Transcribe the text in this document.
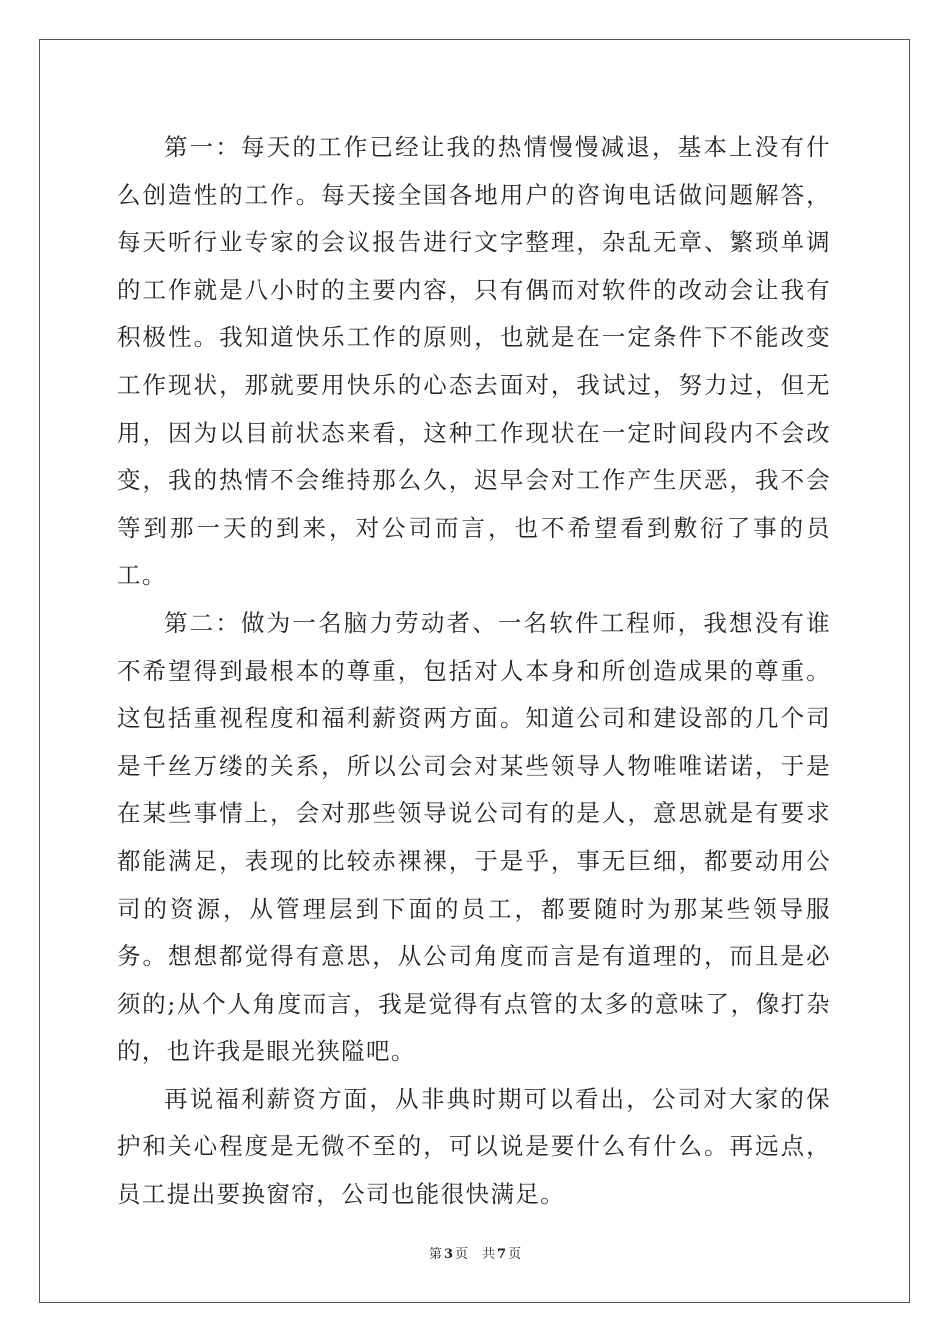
第一：每天的工作已经让我的热情慢慢减退，基本上没有什么创造性的工作。每天接全国各地用户的咨询电话做问题解答，每天听行业专家的会议报告进行文字整理，杂乱无章、繁琐单调的工作就是八小时的主要内容，只有偶而对软件的改动会让我有积极性。我知道快乐工作的原则，也就是在一定条件下不能改变工作现状，那就要用快乐的心态去面对，我试过，努力过，但无用，因为以目前状态来看，这种工作现状在一定时间段内不会改变，我的热情不会维持那么久，迟早会对工作产生厌恶，我不会等到那一天的到来，对公司而言，也不希望看到敷衍了事的员工。

第二：做为一名脑力劳动者、一名软件工程师，我想没有谁不希望得到最根本的尊重，包括对人本身和所创造成果的尊重。这包括重视程度和福利薪资两方面。知道公司和建设部的几个司是千丝万缕的关系，所以公司会对某些领导人物唯唯诺诺，于是在某些事情上，会对那些领导说公司有的是人，意思就是有要求都能满足，表现的比较赤裸裸，于是乎，事无巨细，都要动用公司的资源，从管理层到下面的员工，都要随时为那某些领导服务。想想都觉得有意思，从公司角度而言是有道理的，而且是必须的;从个人角度而言，我是觉得有点管的太多的意味了，像打杂的，也许我是眼光狭隘吧。

再说福利薪资方面，从非典时期可以看出，公司对大家的保护和关心程度是无微不至的，可以说是要什么有什么。再远点，员工提出要换窗帘，公司也能很快满足。

第 3 页 共 7 页
